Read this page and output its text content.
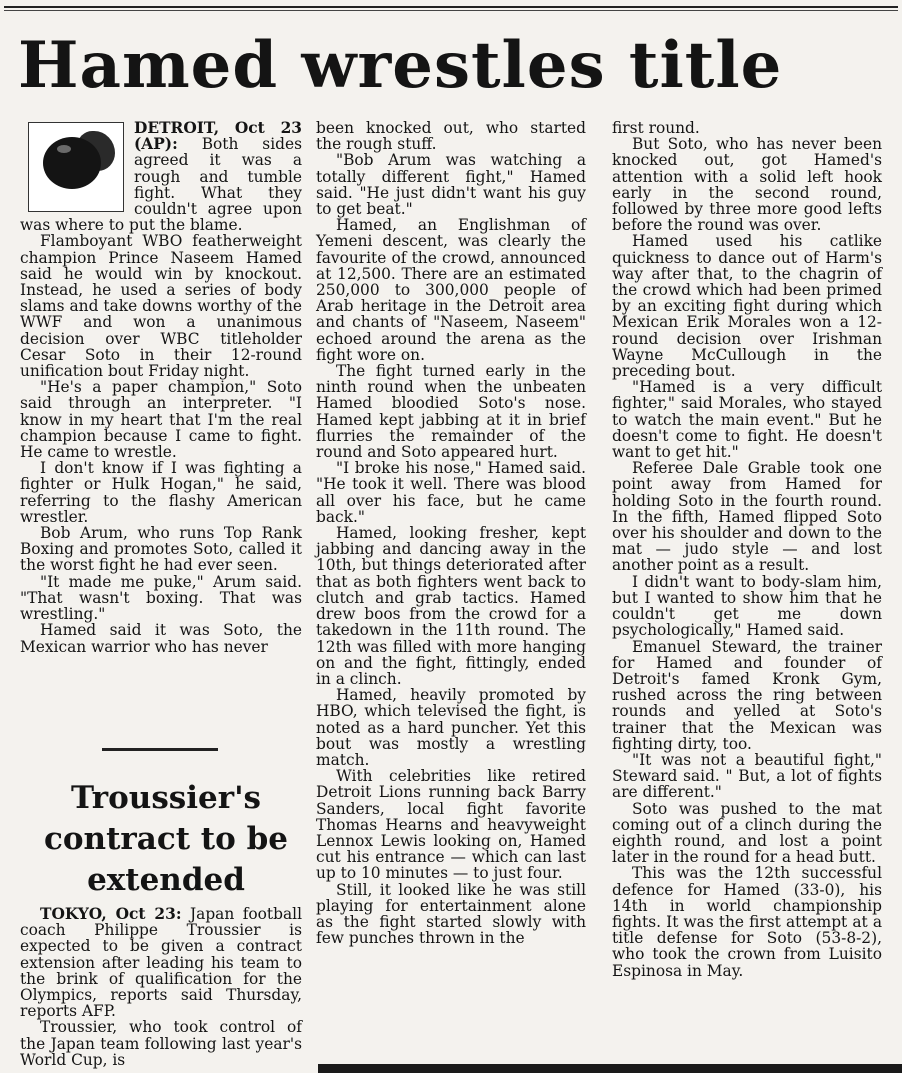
Hamed wrestles title

DETROIT, Oct 23 (AP): Both sides agreed it was a rough and tumble fight. What they couldn't agree upon was where to put the blame.

Flamboyant WBO featherweight champion Prince Naseem Hamed said he would win by knockout. Instead, he used a series of body slams and take downs worthy of the WWF and won a unanimous decision over WBC titleholder Cesar Soto in their 12-round unification bout Friday night.

"He's a paper champion," Soto said through an interpreter. "I know in my heart that I'm the real champion because I came to fight. He came to wrestle.

I don't know if I was fighting a fighter or Hulk Hogan," he said, referring to the flashy American wrestler.

Bob Arum, who runs Top Rank Boxing and promotes Soto, called it the worst fight he had ever seen.

"It made me puke," Arum said. "That wasn't boxing. That was wrestling."

Hamed said it was Soto, the Mexican warrior who has never

been knocked out, who started the rough stuff.

"Bob Arum was watching a totally different fight," Hamed said. "He just didn't want his guy to get beat."

Hamed, an Englishman of Yemeni descent, was clearly the favourite of the crowd, announced at 12,500. There are an estimated 250,000 to 300,000 people of Arab heritage in the Detroit area and chants of "Naseem, Naseem" echoed around the arena as the fight wore on.

The fight turned early in the ninth round when the unbeaten Hamed bloodied Soto's nose. Hamed kept jabbing at it in brief flurries the remainder of the round and Soto appeared hurt.

"I broke his nose," Hamed said. "He took it well. There was blood all over his face, but he came back."

Hamed, looking fresher, kept jabbing and dancing away in the 10th, but things deteriorated after that as both fighters went back to clutch and grab tactics. Hamed drew boos from the crowd for a takedown in the 11th round. The 12th was filled with more hanging on and the fight, fittingly, ended in a clinch.

Hamed, heavily promoted by HBO, which televised the fight, is noted as a hard puncher. Yet this bout was mostly a wrestling match.

With celebrities like retired Detroit Lions running back Barry Sanders, local fight favorite Thomas Hearns and heavyweight Lennox Lewis looking on, Hamed cut his entrance — which can last up to 10 minutes — to just four.

Still, it looked like he was still playing for entertainment alone as the fight started slowly with few punches thrown in the

first round.

But Soto, who has never been knocked out, got Hamed's attention with a solid left hook early in the second round, followed by three more good lefts before the round was over.

Hamed used his catlike quickness to dance out of Harm's way after that, to the chagrin of the crowd which had been primed by an exciting fight during which Mexican Erik Morales won a 12-round decision over Irishman Wayne McCullough in the preceding bout.

"Hamed is a very difficult fighter," said Morales, who stayed to watch the main event." But he doesn't come to fight. He doesn't want to get hit."

Referee Dale Grable took one point away from Hamed for holding Soto in the fourth round. In the fifth, Hamed flipped Soto over his shoulder and down to the mat — judo style — and lost another point as a result.

I didn't want to body-slam him, but I wanted to show him that he couldn't get me down psychologically," Hamed said.

Emanuel Steward, the trainer for Hamed and founder of Detroit's famed Kronk Gym, rushed across the ring between rounds and yelled at Soto's trainer that the Mexican was fighting dirty, too.

"It was not a beautiful fight," Steward said. " But, a lot of fights are different."

Soto was pushed to the mat coming out of a clinch during the eighth round, and lost a point later in the round for a head butt.

This was the 12th successful defence for Hamed (33-0), his 14th in world championship fights. It was the first attempt at a title defense for Soto (53-8-2), who took the crown from Luisito Espinosa in May.

Troussier's contract to be extended

TOKYO, Oct 23: Japan football coach Philippe Troussier is expected to be given a contract extension after leading his team to the brink of qualification for the Olympics, reports said Thursday, reports AFP.

Troussier, who took control of the Japan team following last year's World Cup, is
